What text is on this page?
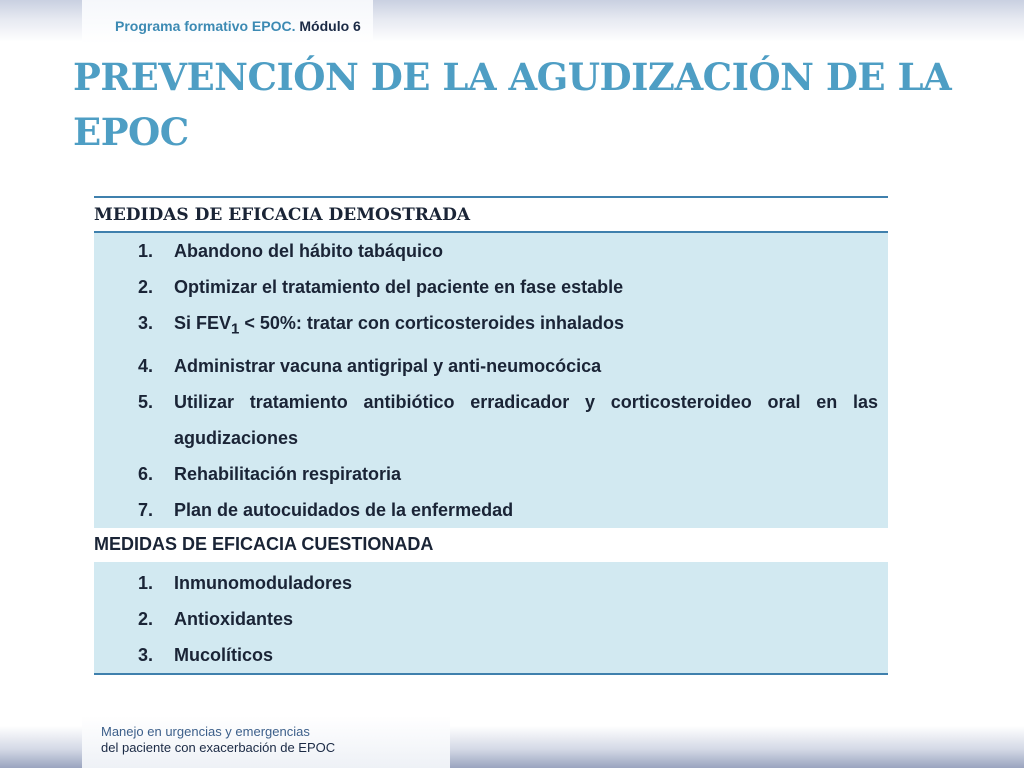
Programa formativo EPOC. Módulo 6
PREVENCIÓN DE LA AGUDIZACIÓN DE LA EPOC
MEDIDAS DE EFICACIA DEMOSTRADA

1. Abandono del hábito tabáquico
2. Optimizar el tratamiento del paciente en fase estable
3. Si $FEV_1 < 50\%$: tratar con corticosteroides inhalados
4. Administrar vacuna antigripal y anti-neumocócica
5. Utilizar tratamiento antibiótico erradicador y corticosteroideo oral en las agudizaciones
6. Rehabilitación respiratoria
7. Plan de autocuidados de la enfermedad

MEDIDAS DE EFICACIA CUESTIONADA

1. Inmunomoduladores
2. Antioxidantes
3. Mucolíticos
Manejo en urgencias y emergencias
del paciente con exacerbación de EPOC
